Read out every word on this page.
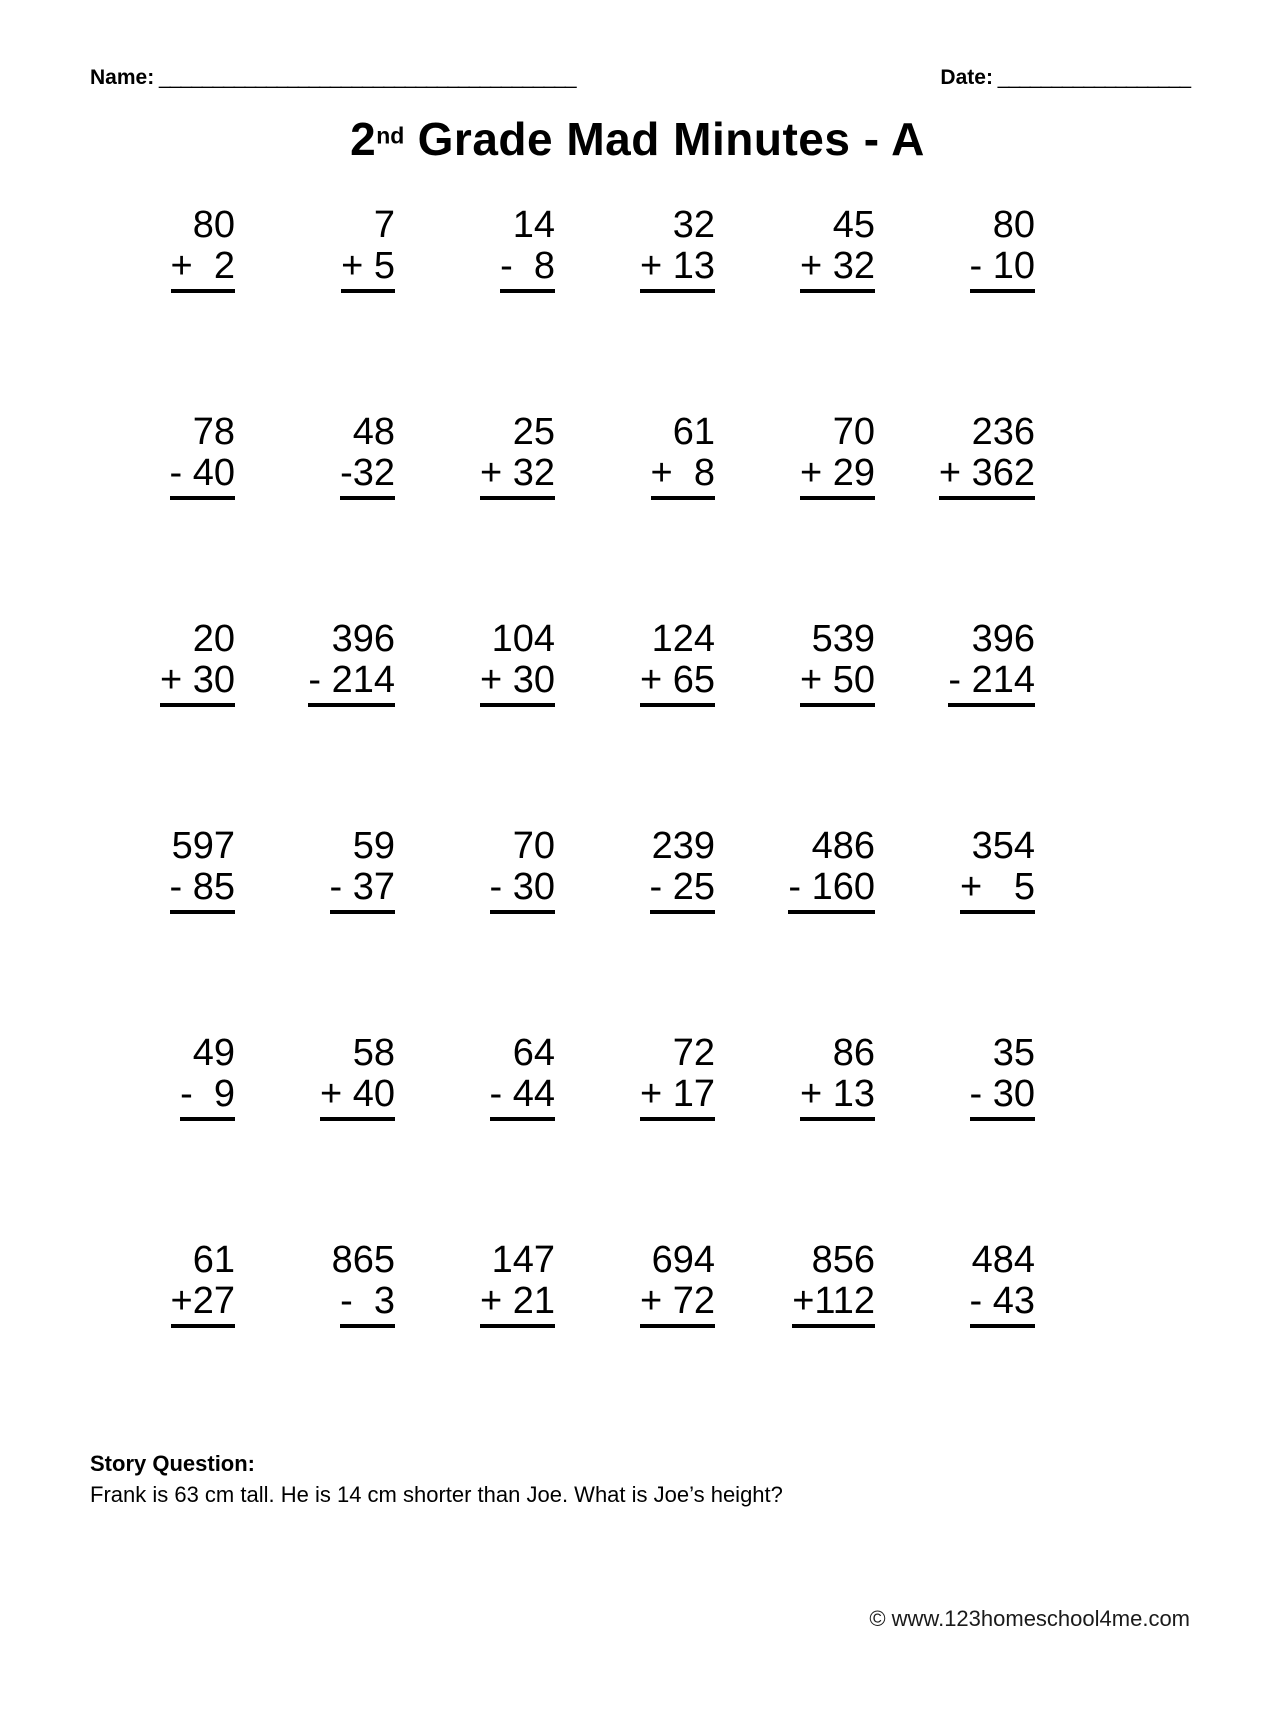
Name: _______________________________________	Date: __________________
2nd Grade Mad Minutes - A
80
+  2
7
+ 5
14
-  8
32
+ 13
45
+ 32
80
- 10
78
- 40
48
-32
25
+ 32
61
+  8
70
+ 29
236
+ 362
20
+ 30
396
- 214
104
+ 30
124
+ 65
539
+ 50
396
- 214
597
- 85
59
- 37
70
- 30
239
- 25
486
- 160
354
+   5
49
-  9
58
+ 40
64
- 44
72
+ 17
86
+ 13
35
- 30
61
+27
865
-  3
147
+ 21
694
+ 72
856
+112
484
- 43
Story Question:
Frank is 63 cm tall. He is 14 cm shorter than Joe. What is Joe’s height?
© www.123homeschool4me.com
